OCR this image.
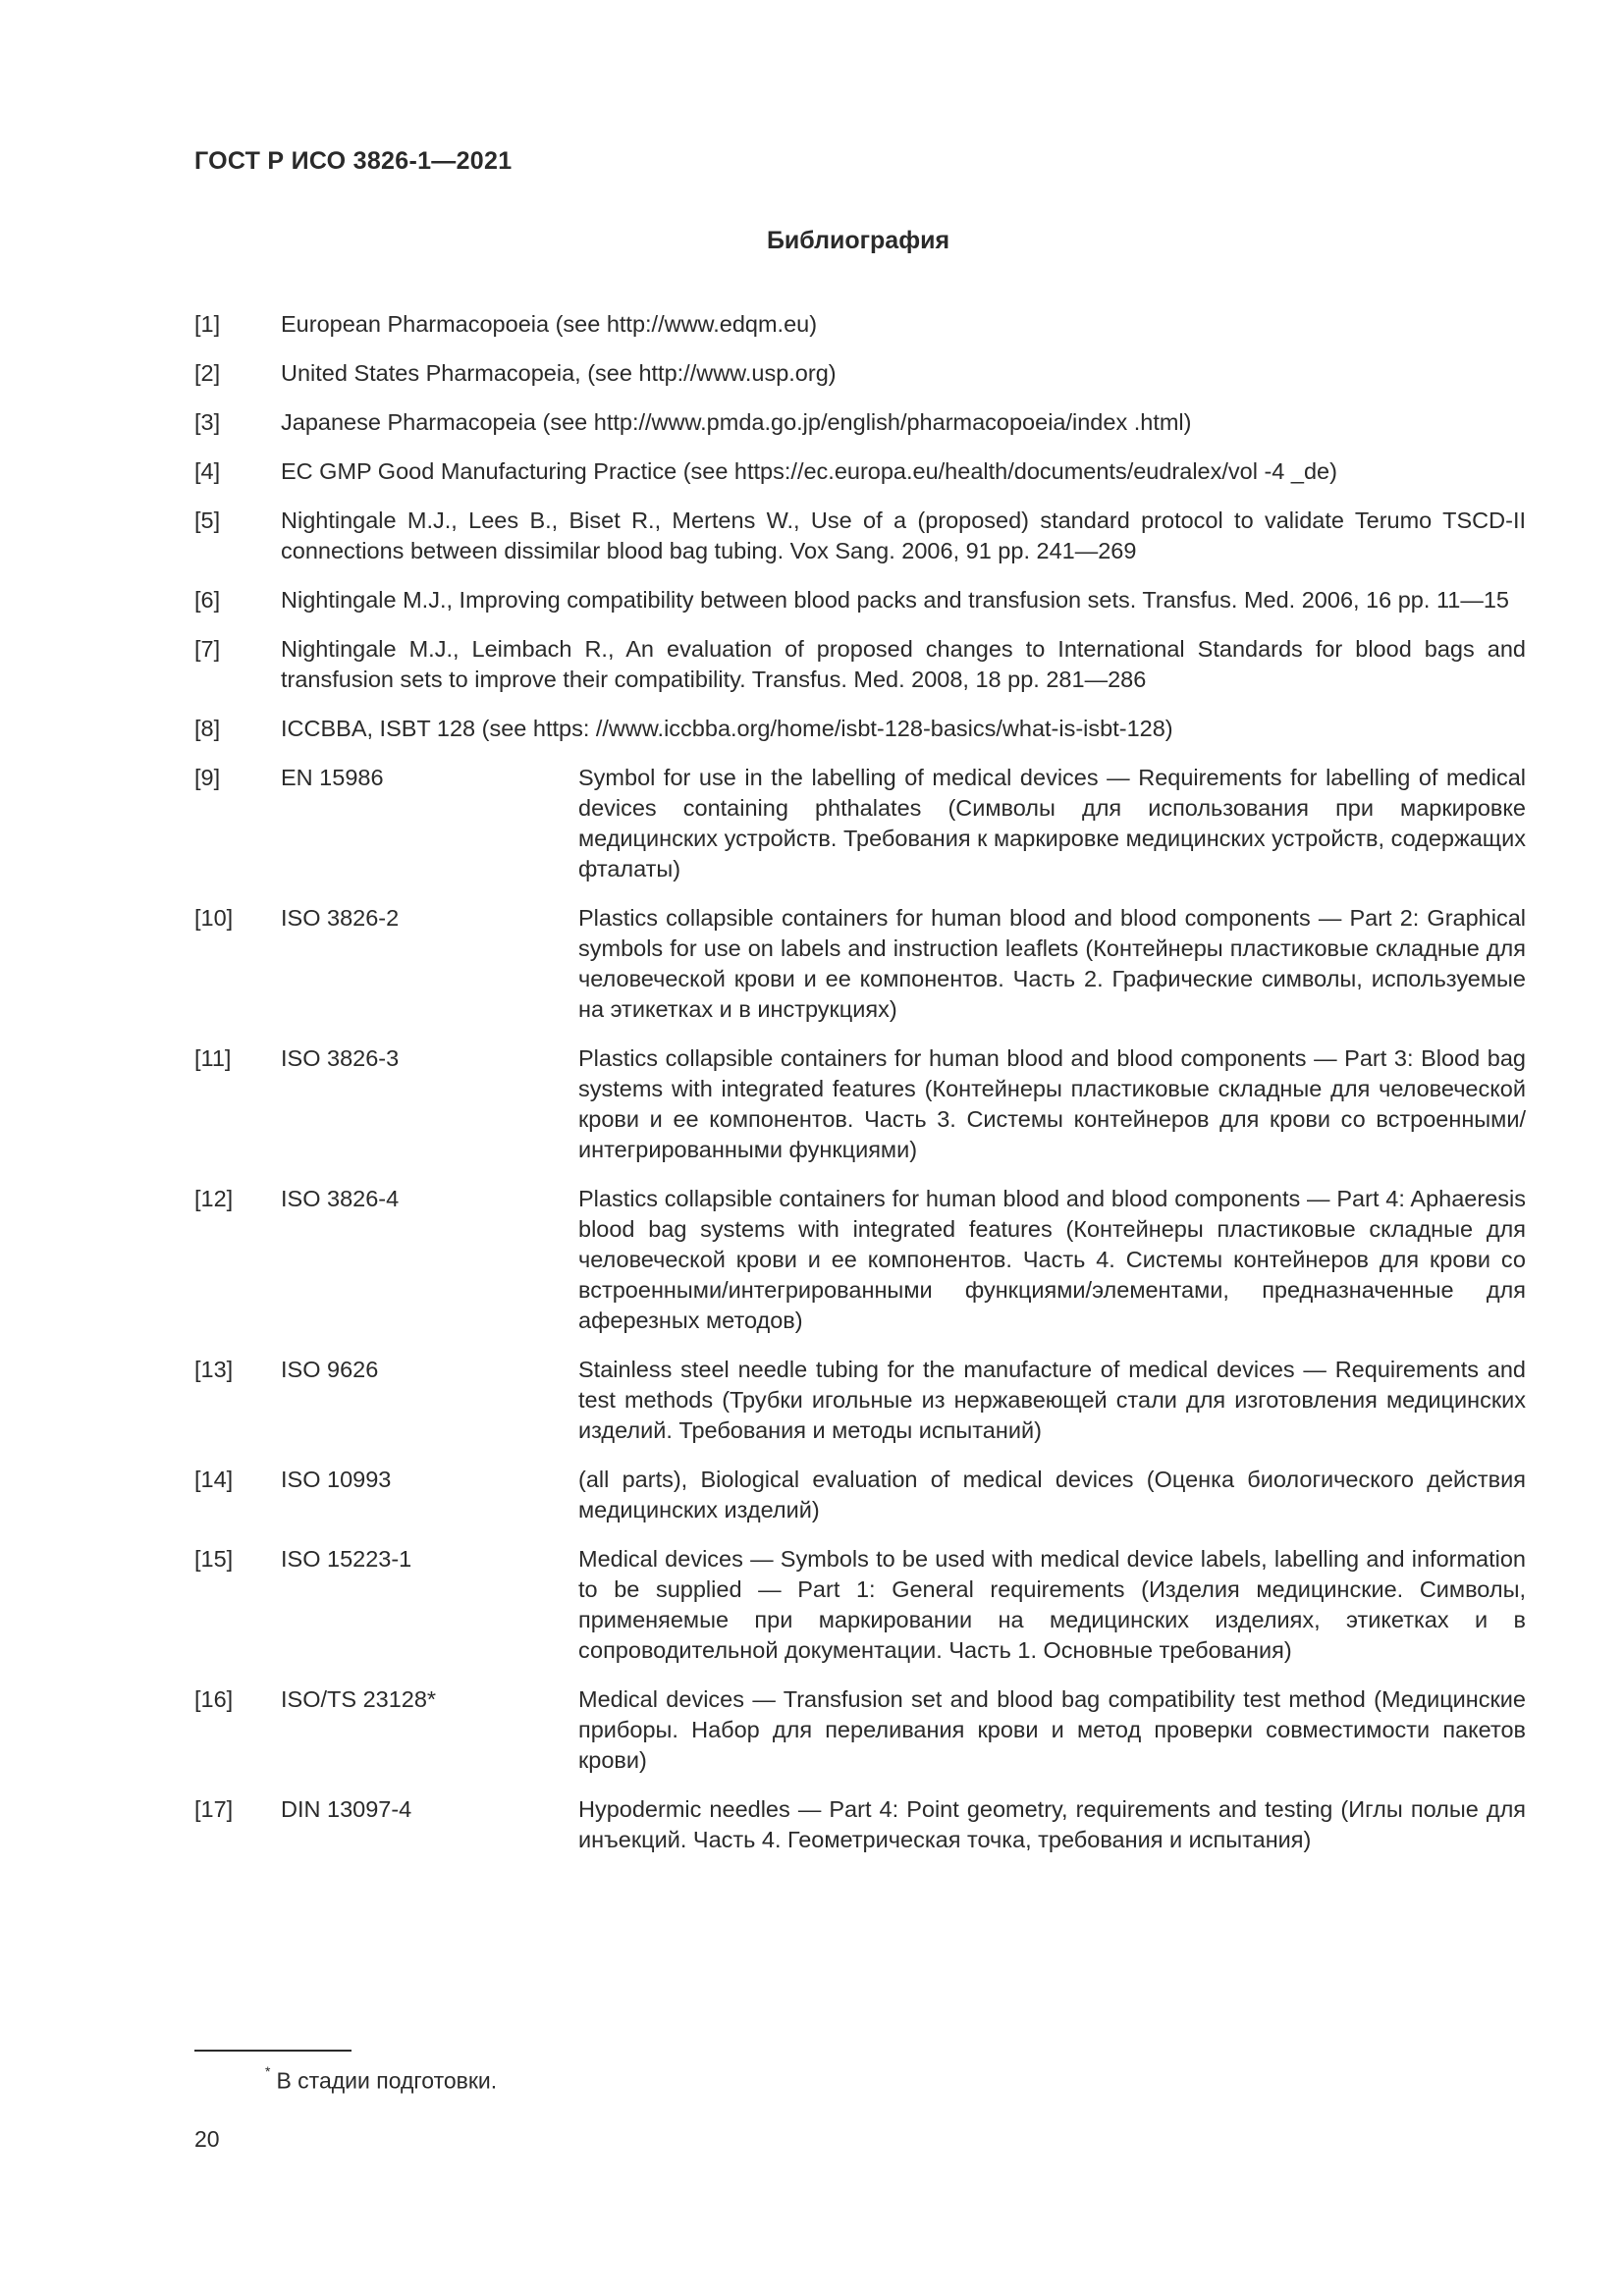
ГОСТ Р ИСО 3826-1—2021
Библиография
[1]	European Pharmacopoeia (see http://www.edqm.eu)
[2]	United States Pharmacopeia, (see http://www.usp.org)
[3]	Japanese Pharmacopeia (see http://www.pmda.go.jp/english/pharmacopoeia/index .html)
[4]	EC GMP Good Manufacturing Practice (see https://ec.europa.eu/health/documents/eudralex/vol -4 _de)
[5]	Nightingale M.J., Lees B., Biset R., Mertens W., Use of a (proposed) standard protocol to validate Terumo TSCD-II connections between dissimilar blood bag tubing. Vox Sang. 2006, 91 pp. 241—269
[6]	Nightingale M.J., Improving compatibility between blood packs and transfusion sets. Transfus. Med. 2006, 16 pp. 11—15
[7]	Nightingale M.J., Leimbach R., An evaluation of proposed changes to International Standards for blood bags and transfusion sets to improve their compatibility. Transfus. Med. 2008, 18 pp. 281—286
[8]	ICCBBA, ISBT 128 (see https: //www.iccbba.org/home/isbt-128-basics/what-is-isbt-128)
[9]	EN 15986	Symbol for use in the labelling of medical devices — Requirements for labelling of medical devices containing phthalates (Символы для использования при маркировке медицинских устройств. Требования к маркировке медицинских устройств, содержащих фталаты)
[10] ISO 3826-2	Plastics collapsible containers for human blood and blood components — Part 2: Graphical symbols for use on labels and instruction leaflets (Контейнеры пластиковые складные для человеческой крови и ее компонентов. Часть 2. Графические символы, используемые на этикетках и в инструкциях)
[11] ISO 3826-3	Plastics collapsible containers for human blood and blood components — Part 3: Blood bag systems with integrated features (Контейнеры пластиковые складные для человеческой крови и ее компонентов. Часть 3. Системы контейнеров для крови со встроенными/интегрированными функциями)
[12] ISO 3826-4	Plastics collapsible containers for human blood and blood components — Part 4: Aphaeresis blood bag systems with integrated features (Контейнеры пластиковые складные для человеческой крови и ее компонентов. Часть 4. Системы контейнеров для крови со встроенными/интегрированными функциями/элементами, предназначенные для аферезных методов)
[13] ISO 9626	Stainless steel needle tubing for the manufacture of medical devices — Requirements and test methods (Трубки игольные из нержавеющей стали для изготовления медицинских изделий. Требования и методы испытаний)
[14] ISO 10993	(all parts), Biological evaluation of medical devices (Оценка биологического действия медицинских изделий)
[15] ISO 15223-1	Medical devices — Symbols to be used with medical device labels, labelling and information to be supplied — Part 1: General requirements (Изделия медицинские. Символы, применяемые при маркировании на медицинских изделиях, этикетках и в сопроводительной документации. Часть 1. Основные требования)
[16] ISO/TS 23128*	Medical devices — Transfusion set and blood bag compatibility test method (Медицинские приборы. Набор для переливания крови и метод проверки совместимости пакетов крови)
[17] DIN 13097-4	Hypodermic needles — Part 4: Point geometry, requirements and testing (Иглы полые для инъекций. Часть 4. Геометрическая точка, требования и испытания)
* В стадии подготовки.
20
